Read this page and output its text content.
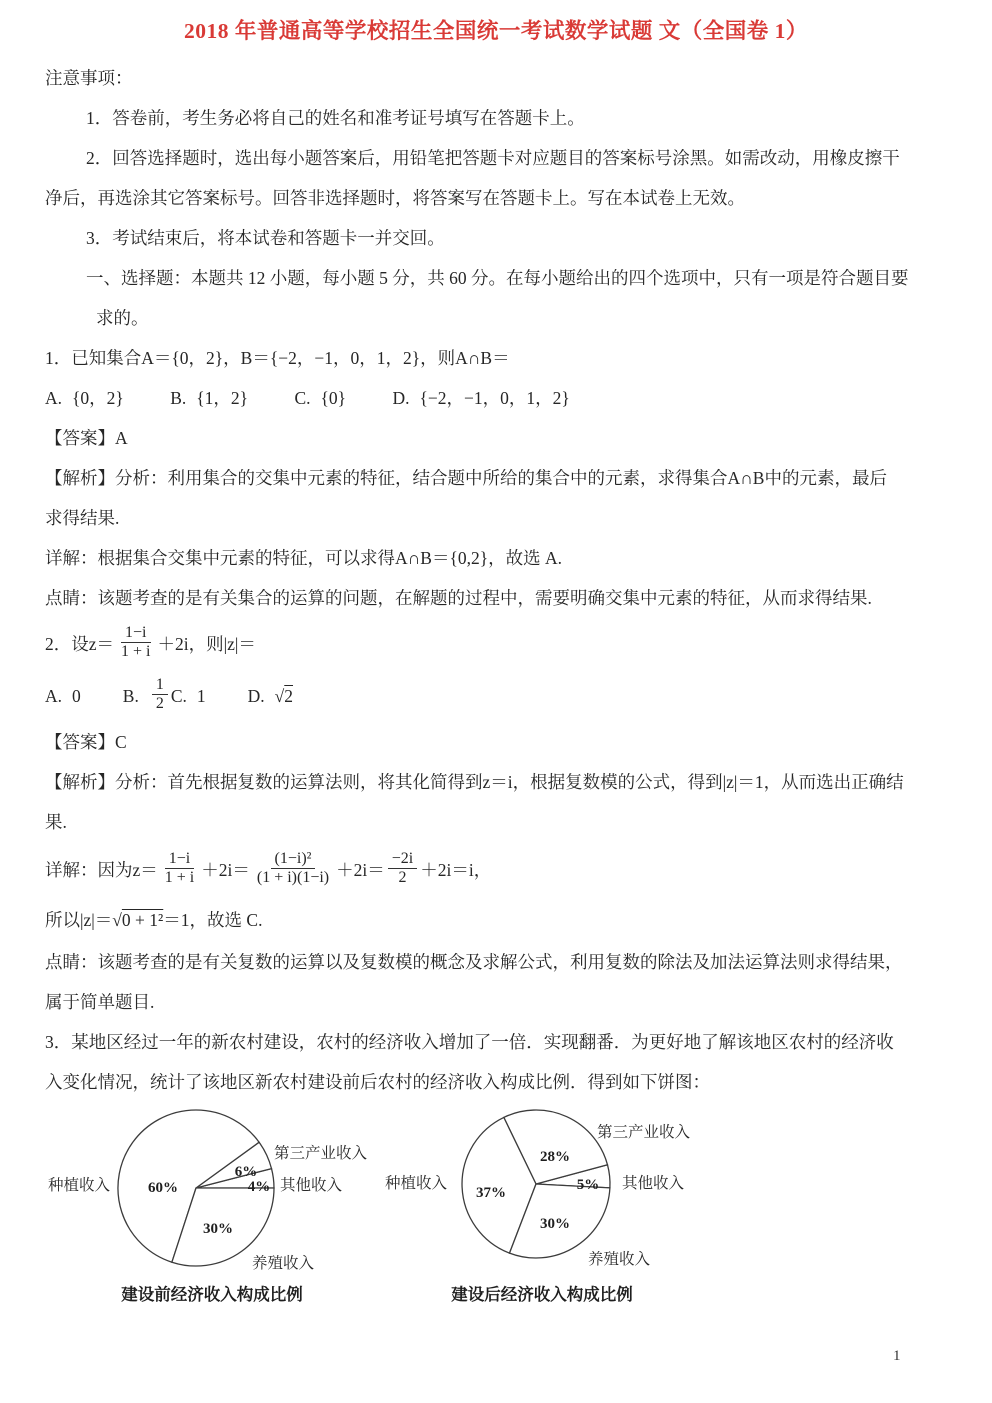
2018 年普通高等学校招生全国统一考试数学试题 文（全国卷 1）
注意事项：
1．答卷前，考生务必将自己的姓名和准考证号填写在答题卡上。
2．回答选择题时，选出每小题答案后，用铅笔把答题卡对应题目的答案标号涂黑。如需改动，用橡皮擦干
净后，再选涂其它答案标号。回答非选择题时，将答案写在答题卡上。写在本试卷上无效。
3．考试结束后，将本试卷和答题卡一并交回。
一、选择题：本题共 12 小题，每小题 5 分，共 60 分。在每小题给出的四个选项中，只有一项是符合题目要
求的。
1．已知集合A＝{0，2}，B＝{−2，−1，0，1，2}，则A∩B＝
A. {0，2}	B. {1，2}	C. {0}	D. {−2，−1，0，1，2}
【答案】A
【解析】分析：利用集合的交集中元素的特征，结合题中所给的集合中的元素，求得集合A∩B中的元素，最后
求得结果.
详解：根据集合交集中元素的特征，可以求得A∩B＝{0,2}，故选 A.
点睛：该题考查的是有关集合的运算的问题，在解题的过程中，需要明确交集中元素的特征，从而求得结果.
2．设$z= \frac{1-i}{1 + i} +2i$，则|z|＝
A. 0 B. $\frac{1}{2} C$. 1 D. √2
【答案】C
【解析】分析：首先根据复数的运算法则，将其化简得到z＝i，根据复数模的公式，得到|z|＝1，从而选出正确结
果.
详解：因为$z= \frac{1-i}{1 + i} +2i= \frac{\text{(1−i)²}}{(1 + i)(1-i)} +2i= \frac{-2i}{2} +2i=i$，
所以|z|＝ √0 + 1² ＝1，故选 C.
点睛：该题考查的是有关复数的运算以及复数模的概念及求解公式，利用复数的除法及加法运算法则求得结果，
属于简单题目.
3．某地区经过一年的新农村建设，农村的经济收入增加了一倍．实现翻番．为更好地了解该地区农村的经济收
入变化情况，统计了该地区新农村建设前后农村的经济收入构成比例．得到如下饼图：
4% 其他收入
6%
第三产业收入
60%
种植收入
30%
养殖收入
建设前经济收入构成比例
5% 其他收入
28%
第三产业收入
37%
种植收入
30%
养殖收入
建设后经济收入构成比例
1
